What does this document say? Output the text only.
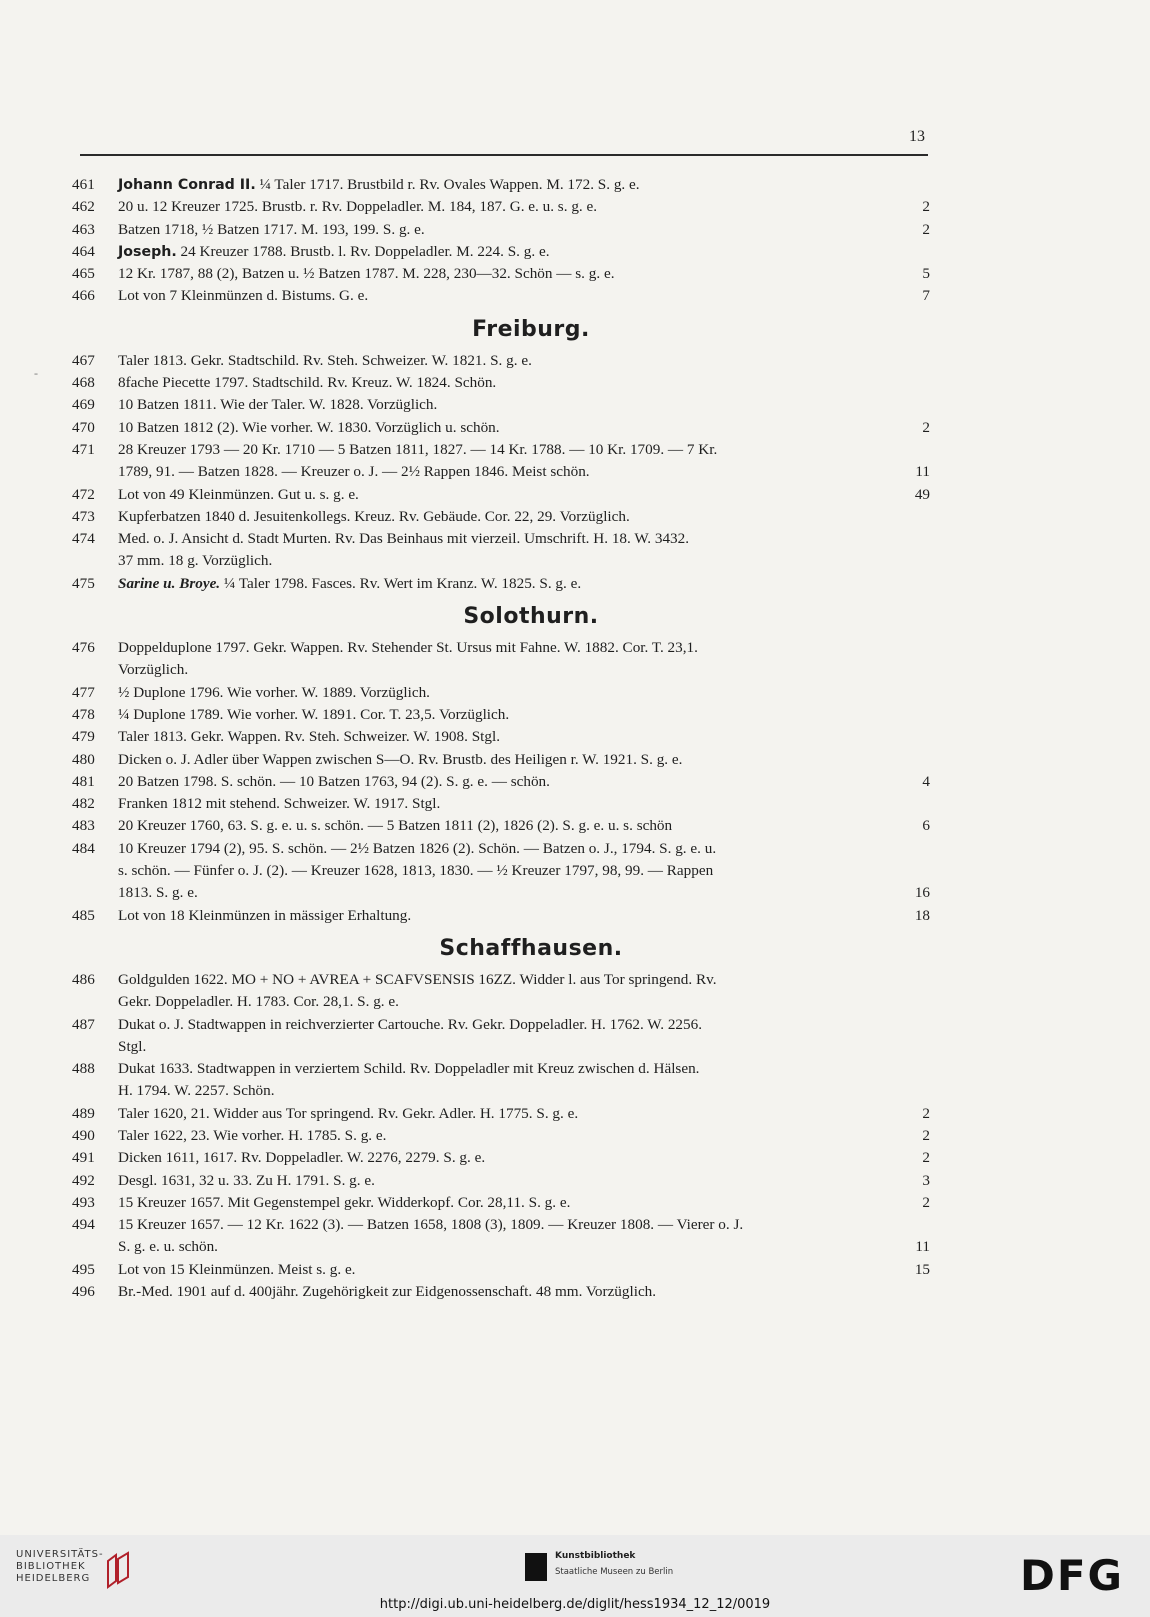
13
-
461	Johann Conrad II. ¼ Taler 1717. Brustbild r. Rv. Ovales Wappen. M. 172. S. g. e.
462	20 u. 12 Kreuzer 1725. Brustb. r. Rv. Doppeladler. M. 184, 187. G. e. u. s. g. e.	2
463	Batzen 1718, ½ Batzen 1717. M. 193, 199. S. g. e.	2
464	Joseph. 24 Kreuzer 1788. Brustb. l. Rv. Doppeladler. M. 224. S. g. e.
465	12 Kr. 1787, 88 (2), Batzen u. ½ Batzen 1787. M. 228, 230—32. Schön — s. g. e.	5
466	Lot von 7 Kleinmünzen d. Bistums. G. e.	7
Freiburg.
467	Taler 1813. Gekr. Stadtschild. Rv. Steh. Schweizer. W. 1821. S. g. e.
468	8fache Piecette 1797. Stadtschild. Rv. Kreuz. W. 1824. Schön.
469	10 Batzen 1811. Wie der Taler. W. 1828. Vorzüglich.
470	10 Batzen 1812 (2). Wie vorher. W. 1830. Vorzüglich u. schön.	2
471	28 Kreuzer 1793 — 20 Kr. 1710 — 5 Batzen 1811, 1827. — 14 Kr. 1788. — 10 Kr. 1709. — 7 Kr.
1789, 91. — Batzen 1828. — Kreuzer o. J. — 2½ Rappen 1846. Meist schön.	11
472	Lot von 49 Kleinmünzen. Gut u. s. g. e.	49
473	Kupferbatzen 1840 d. Jesuitenkollegs. Kreuz. Rv. Gebäude. Cor. 22, 29. Vorzüglich.
474	Med. o. J. Ansicht d. Stadt Murten. Rv. Das Beinhaus mit vierzeil. Umschrift. H. 18. W. 3432.
37 mm. 18 g. Vorzüglich.
475	Sarine u. Broye. ¼ Taler 1798. Fasces. Rv. Wert im Kranz. W. 1825. S. g. e.
Solothurn.
476	Doppelduplone 1797. Gekr. Wappen. Rv. Stehender St. Ursus mit Fahne. W. 1882. Cor. T. 23,1.
Vorzüglich.
477	½ Duplone 1796. Wie vorher. W. 1889. Vorzüglich.
478	¼ Duplone 1789. Wie vorher. W. 1891. Cor. T. 23,5. Vorzüglich.
479	Taler 1813. Gekr. Wappen. Rv. Steh. Schweizer. W. 1908. Stgl.
480	Dicken o. J. Adler über Wappen zwischen S—O. Rv. Brustb. des Heiligen r. W. 1921. S. g. e.
481	20 Batzen 1798. S. schön. — 10 Batzen 1763, 94 (2). S. g. e. — schön.	4
482	Franken 1812 mit stehend. Schweizer. W. 1917. Stgl.
483	20 Kreuzer 1760, 63. S. g. e. u. s. schön. — 5 Batzen 1811 (2), 1826 (2). S. g. e. u. s. schön	6
484	10 Kreuzer 1794 (2), 95. S. schön. — 2½ Batzen 1826 (2). Schön. — Batzen o. J., 1794. S. g. e. u.
s. schön. — Fünfer o. J. (2). — Kreuzer 1628, 1813, 1830. — ½ Kreuzer 1797, 98, 99. — Rappen
1813. S. g. e.	16
485	Lot von 18 Kleinmünzen in mässiger Erhaltung.	18
Schaffhausen.
486	Goldgulden 1622. MO + NO + AVREA + SCAFVSENSIS 16ZZ. Widder l. aus Tor springend. Rv.
Gekr. Doppeladler. H. 1783. Cor. 28,1. S. g. e.
487	Dukat o. J. Stadtwappen in reichverzierter Cartouche. Rv. Gekr. Doppeladler. H. 1762. W. 2256.
Stgl.
488	Dukat 1633. Stadtwappen in verziertem Schild. Rv. Doppeladler mit Kreuz zwischen d. Hälsen.
H. 1794. W. 2257. Schön.
489	Taler 1620, 21. Widder aus Tor springend. Rv. Gekr. Adler. H. 1775. S. g. e.	2
490	Taler 1622, 23. Wie vorher. H. 1785. S. g. e.	2
491	Dicken 1611, 1617. Rv. Doppeladler. W. 2276, 2279. S. g. e.	2
492	Desgl. 1631, 32 u. 33. Zu H. 1791. S. g. e.	3
493	15 Kreuzer 1657. Mit Gegenstempel gekr. Widderkopf. Cor. 28,11. S. g. e.	2
494	15 Kreuzer 1657. — 12 Kr. 1622 (3). — Batzen 1658, 1808 (3), 1809. — Kreuzer 1808. — Vierer o. J.
S. g. e. u. schön.	11
495	Lot von 15 Kleinmünzen. Meist s. g. e.	15
496	Br.-Med. 1901 auf d. 400jähr. Zugehörigkeit zur Eidgenossenschaft. 48 mm. Vorzüglich.
UNIVERSITÄTS-
BIBLIOTHEK
HEIDELBERG
Kunstbibliothek
Staatliche Museen zu Berlin	DFG
http://digi.ub.uni-heidelberg.de/diglit/hess1934_12_12/0019
